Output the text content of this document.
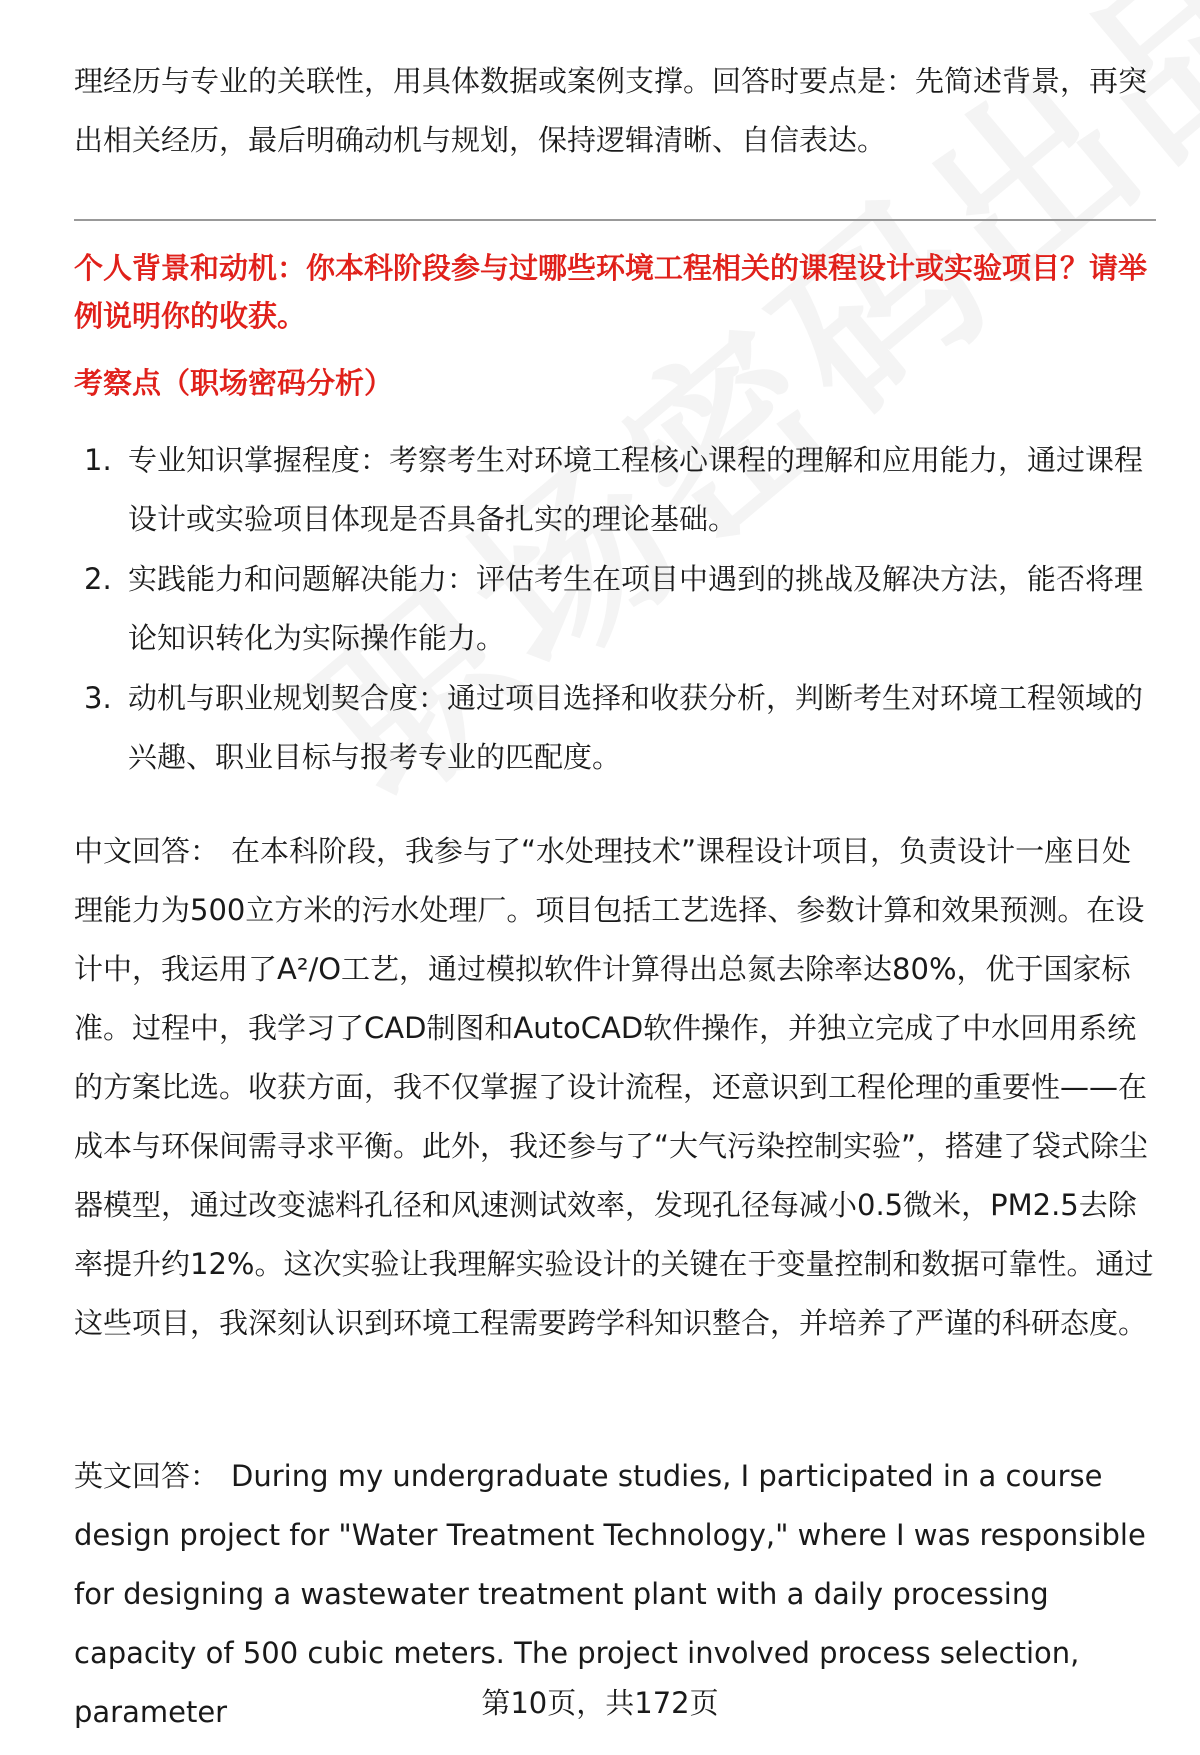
理经历与专业的关联性，用具体数据或案例支撑。回答时要点是：先简述背景，再突出相关经历，最后明确动机与规划，保持逻辑清晰、自信表达。
个人背景和动机：你本科阶段参与过哪些环境工程相关的课程设计或实验项目？请举例说明你的收获。
考察点（职场密码分析）
1. 专业知识掌握程度：考察考生对环境工程核心课程的理解和应用能力，通过课程设计或实验项目体现是否具备扎实的理论基础。
2. 实践能力和问题解决能力：评估考生在项目中遇到的挑战及解决方法，能否将理论知识转化为实际操作能力。
3. 动机与职业规划契合度：通过项目选择和收获分析，判断考生对环境工程领域的兴趣、职业目标与报考专业的匹配度。
中文回答： 在本科阶段，我参与了“水处理技术”课程设计项目，负责设计一座日处理能力为500立方米的污水处理厂。项目包括工艺选择、参数计算和效果预测。在设计中，我运用了A²/O工艺，通过模拟软件计算得出总氮去除率达80%，优于国家标准。过程中，我学习了CAD制图和AutoCAD软件操作，并独立完成了中水回用系统的方案比选。收获方面，我不仅掌握了设计流程，还意识到工程伦理的重要性——在成本与环保间需寻求平衡。此外，我还参与了“大气污染控制实验”，搭建了袋式除尘器模型，通过改变滤料孔径和风速测试效率，发现孔径每减小0.5微米，PM2.5去除率提升约12%。这次实验让我理解实验设计的关键在于变量控制和数据可靠性。通过这些项目，我深刻认识到环境工程需要跨学科知识整合，并培养了严谨的科研态度。
英文回答： During my undergraduate studies, I participated in a course design project for "Water Treatment Technology," where I was responsible for designing a wastewater treatment plant with a daily processing capacity of 500 cubic meters. The project involved process selection, parameter	第10页，共172页
